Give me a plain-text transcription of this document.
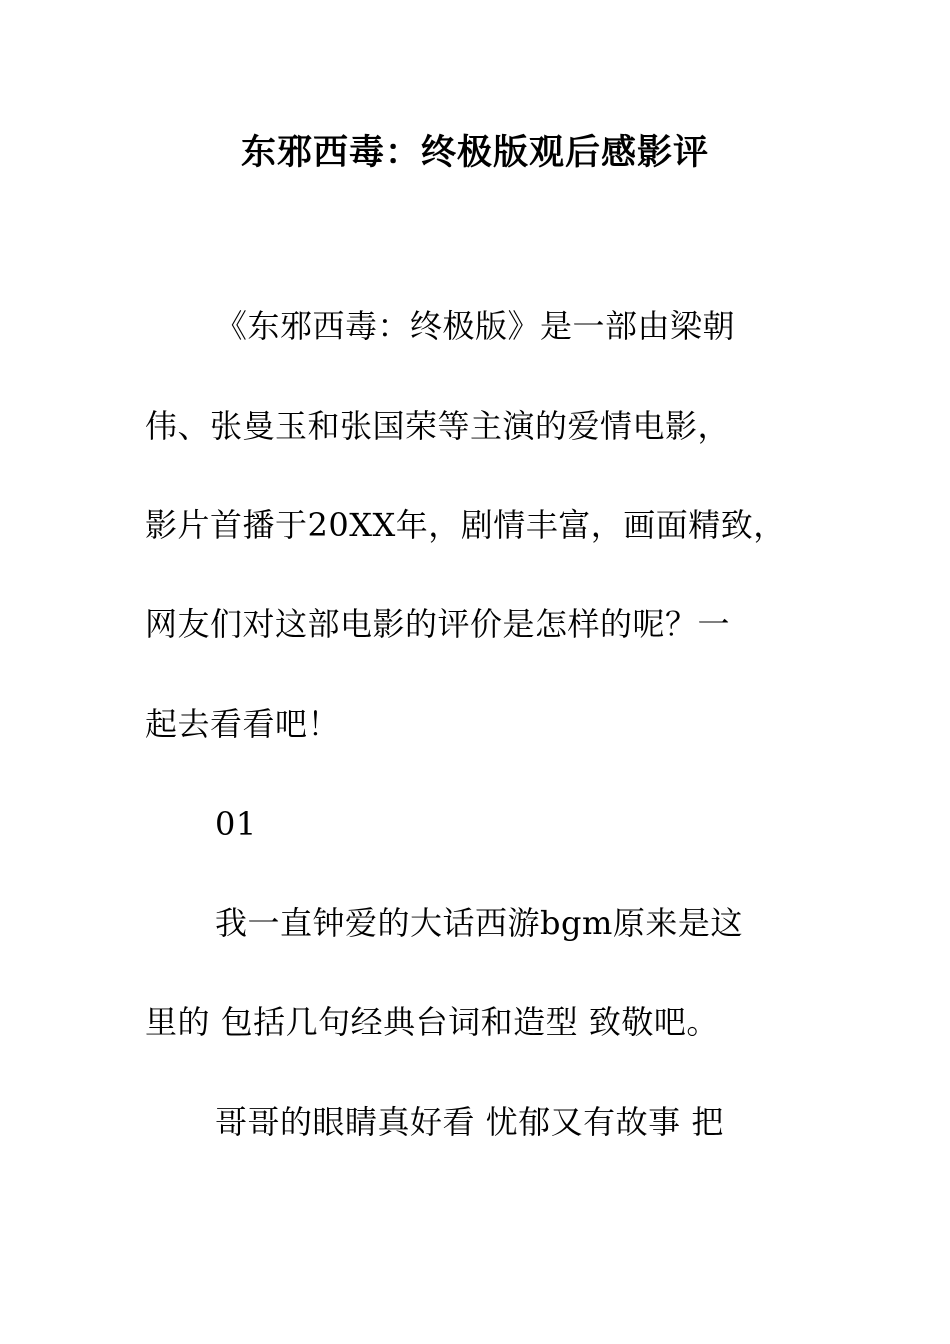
东邪西毒：终极版观后感影评
《东邪西毒：终极版》是一部由梁朝
伟、张曼玉和张国荣等主演的爱情电影，
影片首播于20XX年，剧情丰富，画面精致，
网友们对这部电影的评价是怎样的呢？一
起去看看吧！
01
我一直钟爱的大话西游bgm原来是这
里的 包括几句经典台词和造型 致敬吧。
哥哥的眼睛真好看 忧郁又有故事 把
